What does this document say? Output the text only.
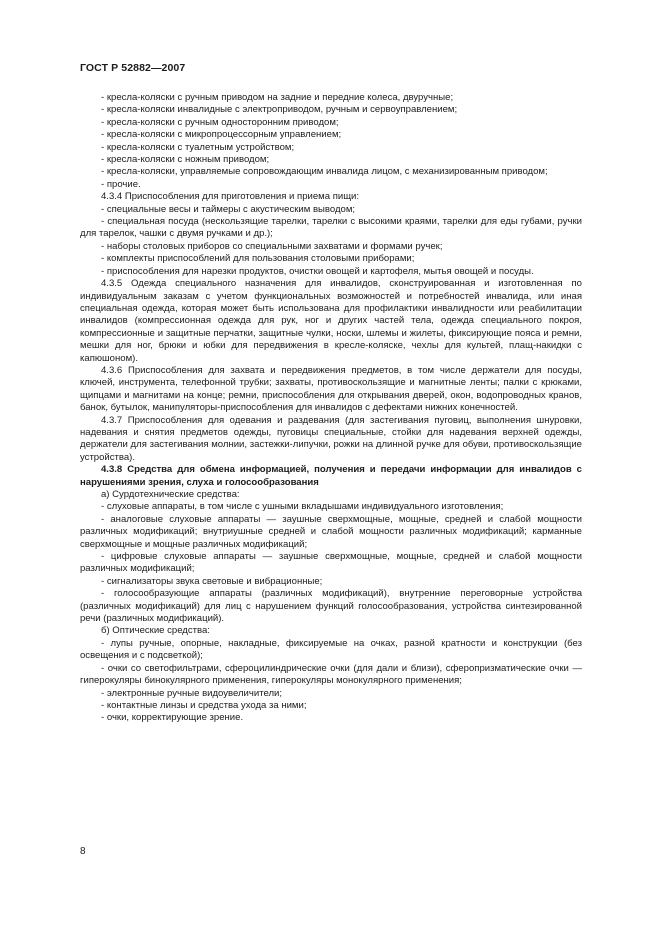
ГОСТ Р 52882—2007

- кресла-коляски с ручным приводом на задние и передние колеса, двуручные;

- кресла-коляски инвалидные с электроприводом, ручным и сервоуправлением;

- кресла-коляски с ручным односторонним приводом;

- кресла-коляски с микропроцессорным управлением;

- кресла-коляски с туалетным устройством;

- кресла-коляски с ножным приводом;

- кресла-коляски, управляемые сопровождающим инвалида лицом, с механизированным приводом;

- прочие.

4.3.4 Приспособления для приготовления и приема пищи:

- специальные весы и таймеры с акустическим выводом;

- специальная посуда (нескользящие тарелки, тарелки с высокими краями, тарелки для еды губами, ручки для тарелок, чашки с двумя ручками и др.);

- наборы столовых приборов со специальными захватами и формами ручек;

- комплекты приспособлений для пользования столовыми приборами;

- приспособления для нарезки продуктов, очистки овощей и картофеля, мытья овощей и посуды.

4.3.5 Одежда специального назначения для инвалидов, сконструированная и изготовленная по индивидуальным заказам с учетом функциональных возможностей и потребностей инвалида, или иная специальная одежда, которая может быть использована для профилактики инвалидности или реабилитации инвалидов (компрессионная одежда для рук, ног и других частей тела, одежда специального покроя, компрессионные и защитные перчатки, защитные чулки, носки, шлемы и жилеты, фиксирующие пояса и ремни, мешки для ног, брюки и юбки для передвижения в кресле-коляске, чехлы для культей, плащ-накидки с капюшоном).

4.3.6 Приспособления для захвата и передвижения предметов, в том числе держатели для посуды, ключей, инструмента, телефонной трубки; захваты, противоскользящие и магнитные ленты; палки с крюками, щипцами и магнитами на конце; ремни, приспособления для открывания дверей, окон, водопроводных кранов, банок, бутылок, манипуляторы-приспособления для инвалидов с дефектами нижних конечностей.

4.3.7 Приспособления для одевания и раздевания (для застегивания пуговиц, выполнения шнуровки, надевания и снятия предметов одежды, пуговицы специальные, стойки для надевания верхней одежды, держатели для застегивания молнии, застежки-липучки, рожки на длинной ручке для обуви, противоскользящие устройства).

4.3.8 Средства для обмена информацией, получения и передачи информации для инвалидов с нарушениями зрения, слуха и голосообразования

а) Сурдотехнические средства:

- слуховые аппараты, в том числе с ушными вкладышами индивидуального изготовления;

- аналоговые слуховые аппараты — заушные сверхмощные, мощные, средней и слабой мощности различных модификаций; внутриушные средней и слабой мощности различных модификаций; карманные сверхмощные и мощные различных модификаций;

- цифровые слуховые аппараты — заушные сверхмощные, мощные, средней и слабой мощности различных модификаций;

- сигнализаторы звука световые и вибрационные;

- голосообразующие аппараты (различных модификаций), внутренние переговорные устройства (различных модификаций) для лиц с нарушением функций голосообразования, устройства синтезированной речи (различных модификаций).

б) Оптические средства:

- лупы ручные, опорные, накладные, фиксируемые на очках, разной кратности и конструкции (без освещения и с подсветкой);

- очки со светофильтрами, сфероцилиндрические очки (для дали и близи), сферопризматические очки — гиперокуляры бинокулярного применения, гиперокуляры монокулярного применения;

- электронные ручные видоувеличители;

- контактные линзы и средства ухода за ними;

- очки, корректирующие зрение.

8
